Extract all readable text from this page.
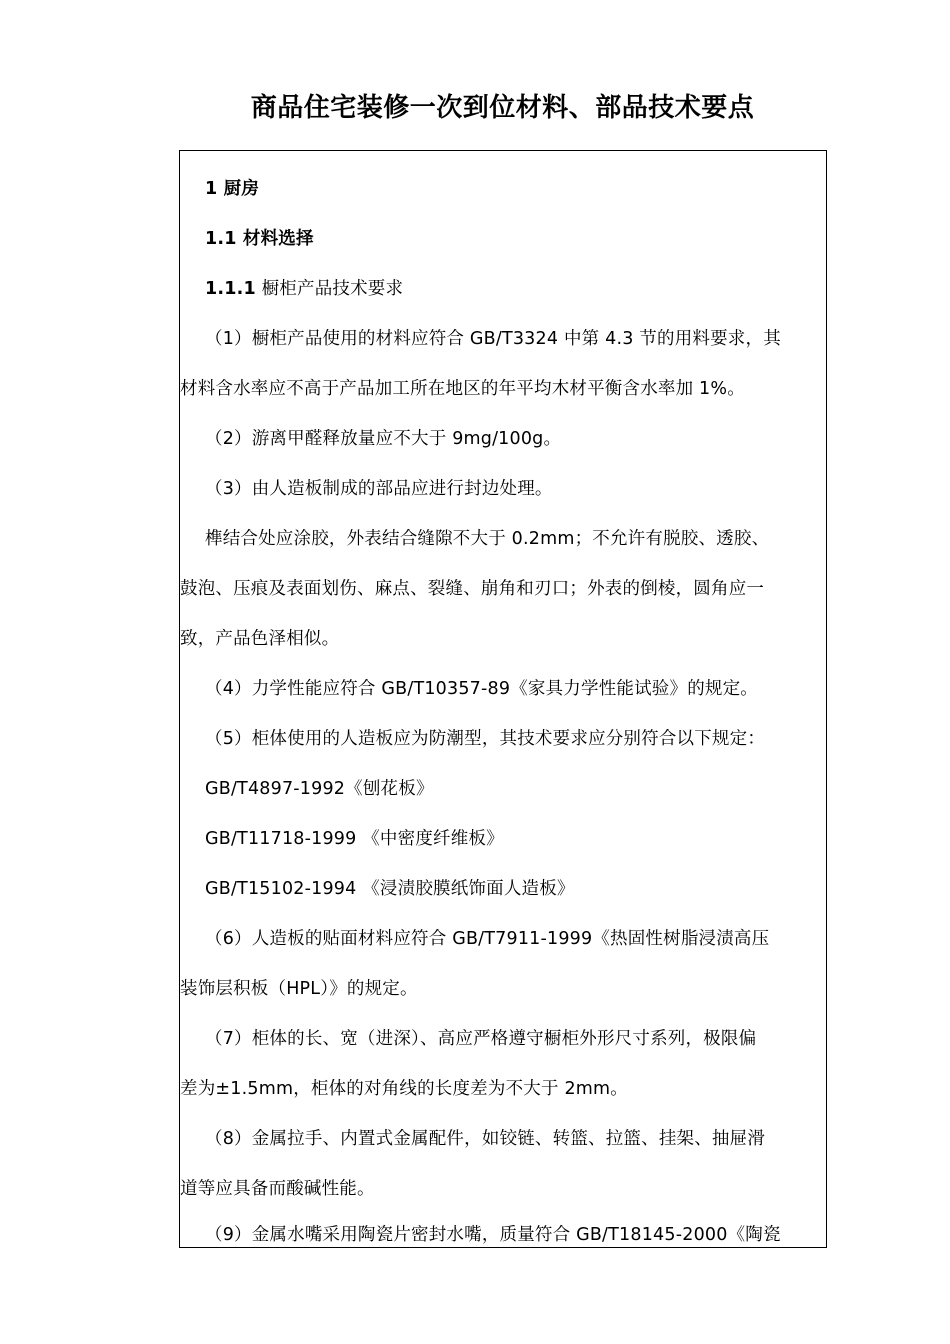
商品住宅装修一次到位材料、部品技术要点
1 厨房
1.1 材料选择
1.1.1 橱柜产品技术要求
（1）橱柜产品使用的材料应符合 GB/T3324 中第 4.3 节的用料要求，其
材料含水率应不高于产品加工所在地区的年平均木材平衡含水率加 1%。
（2）游离甲醛释放量应不大于 9mg/100g。
（3）由人造板制成的部品应进行封边处理。
榫结合处应涂胶，外表结合缝隙不大于 0.2mm；不允许有脱胶、透胶、
鼓泡、压痕及表面划伤、麻点、裂缝、崩角和刃口；外表的倒棱，圆角应一
致，产品色泽相似。
（4）力学性能应符合 GB/T10357-89《家具力学性能试验》的规定。
（5）柜体使用的人造板应为防潮型，其技术要求应分别符合以下规定：
GB/T4897-1992《刨花板》
GB/T11718-1999 《中密度纤维板》
GB/T15102-1994 《浸渍胶膜纸饰面人造板》
（6）人造板的贴面材料应符合 GB/T7911-1999《热固性树脂浸渍高压
装饰层积板（HPL）》的规定。
（7）柜体的长、宽（进深）、高应严格遵守橱柜外形尺寸系列，极限偏
差为±1.5mm，柜体的对角线的长度差为不大于 2mm。
（8）金属拉手、内置式金属配件，如铰链、转篮、拉篮、挂架、抽屉滑
道等应具备而酸碱性能。
（9）金属水嘴采用陶瓷片密封水嘴，质量符合 GB/T18145-2000《陶瓷
